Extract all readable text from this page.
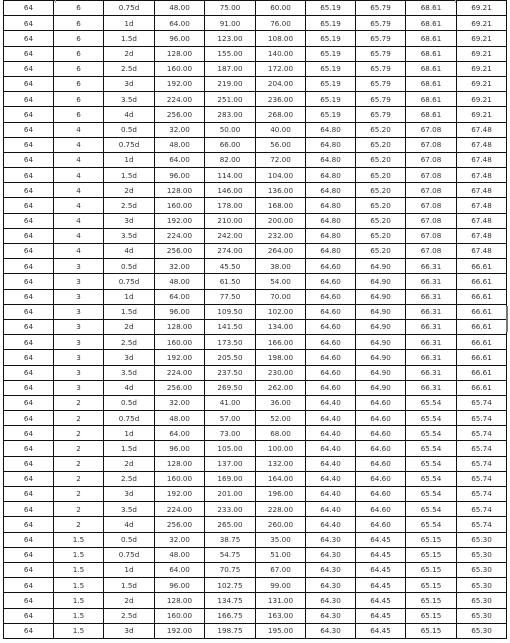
64	6	0.75d	48.00	75.00	60.00	65.19	65.79	68.61	69.21
64	6	1d	64.00	91.00	76.00	65.19	65.79	68.61	69.21
64	6	1.5d	96.00	123.00	108.00	65.19	65.79	68.61	69.21
64	6	2d	128.00	155.00	140.00	65.19	65.79	68.61	69.21
64	6	2.5d	160.00	187.00	172.00	65.19	65.79	68.61	69.21
64	6	3d	192.00	219.00	204.00	65.19	65.79	68.61	69.21
64	6	3.5d	224.00	251.00	236.00	65.19	65.79	68.61	69.21
64	6	4d	256.00	283.00	268.00	65.19	65.79	68.61	69.21
64	4	0.5d	32.00	50.00	40.00	64.80	65.20	67.08	67.48
64	4	0.75d	48.00	66.00	56.00	64.80	65.20	67.08	67.48
64	4	1d	64.00	82.00	72.00	64.80	65.20	67.08	67.48
64	4	1.5d	96.00	114.00	104.00	64.80	65.20	67.08	67.48
64	4	2d	128.00	146.00	136.00	64.80	65.20	67.08	67.48
64	4	2.5d	160.00	178.00	168.00	64.80	65.20	67.08	67.48
64	4	3d	192.00	210.00	200.00	64.80	65.20	67.08	67.48
64	4	3.5d	224.00	242.00	232.00	64.80	65.20	67.08	67.48
64	4	4d	256.00	274.00	264.00	64.80	65.20	67.08	67.48
64	3	0.5d	32.00	45.50	38.00	64.60	64.90	66.31	66.61
64	3	0.75d	48.00	61.50	54.00	64.60	64.90	66.31	66.61
64	3	1d	64.00	77.50	70.00	64.60	64.90	66.31	66.61
64	3	1.5d	96.00	109.50	102.00	64.60	64.90	66.31	66.61
64	3	2d	128.00	141.50	134.00	64.60	64.90	66.31	66.61
64	3	2.5d	160.00	173.50	166.00	64.60	64.90	66.31	66.61
64	3	3d	192.00	205.50	198.00	64.60	64.90	66.31	66.61
64	3	3.5d	224.00	237.50	230.00	64.60	64.90	66.31	66.61
64	3	4d	256.00	269.50	262.00	64.60	64.90	66.31	66.61
64	2	0.5d	32.00	41.00	36.00	64.40	64.60	65.54	65.74
64	2	0.75d	48.00	57.00	52.00	64.40	64.60	65.54	65.74
64	2	1d	64.00	73.00	68.00	64.40	64.60	65.54	65.74
64	2	1.5d	96.00	105.00	100.00	64.40	64.60	65.54	65.74
64	2	2d	128.00	137.00	132.00	64.40	64.60	65.54	65.74
64	2	2.5d	160.00	169.00	164.00	64.40	64.60	65.54	65.74
64	2	3d	192.00	201.00	196.00	64.40	64.60	65.54	65.74
64	2	3.5d	224.00	233.00	228.00	64.40	64.60	65.54	65.74
64	2	4d	256.00	265.00	260.00	64.40	64.60	65.54	65.74
64	1.5	0.5d	32.00	38.75	35.00	64.30	64.45	65.15	65.30
64	1.5	0.75d	48.00	54.75	51.00	64.30	64.45	65.15	65.30
64	1.5	1d	64.00	70.75	67.00	64.30	64.45	65.15	65.30
64	1.5	1.5d	96.00	102.75	99.00	64.30	64.45	65.15	65.30
64	1.5	2d	128.00	134.75	131.00	64.30	64.45	65.15	65.30
64	1.5	2.5d	160.00	166.75	163.00	64.30	64.45	65.15	65.30
64	1.5	3d	192.00	198.75	195.00	64.30	64.45	65.15	65.30
